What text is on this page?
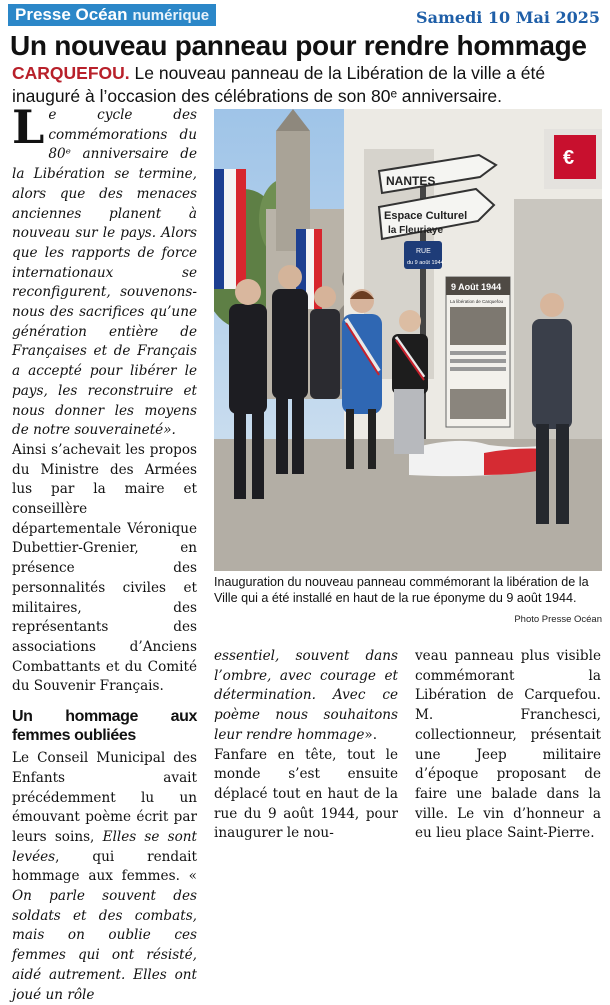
Presse Océan numérique	Samedi 10 Mai 2025
Un nouveau panneau pour rendre hommage
CARQUEFOU. Le nouveau panneau de la Libération de la ville a été inauguré à l’occasion des célébrations de son 80ᵉ anniversaire.

Le cycle des commémorations du 80ᵉ anniversaire de la Libération se termine, alors que des menaces anciennes planent à nouveau sur le pays. Alors que les rapports de force internationaux se reconfigurent, souvenons-nous des sacrifices qu’une génération entière de Françaises et de Français a accepté pour libérer le pays, les reconstruire et nous donner les moyens de notre souveraineté».

Ainsi s’achevait les propos du Ministre des Armées lus par la maire et conseillère départementale Véronique Dubettier-Grenier, en présence des personnalités civiles et militaires, des représentants des associations d’Anciens Combattants et du Comité du Souvenir Français.

Un hommage aux femmes oubliées

Le Conseil Municipal des Enfants avait précédemment lu un émouvant poème écrit par leurs soins, Elles se sont levées, qui rendait hommage aux femmes. « On parle souvent des soldats et des combats, mais on oublie ces femmes qui ont résisté, aidé autrement. Elles ont joué un rôle

€
NANTES
Espace Culturel
la Fleuriaye
RUE
du 9 août 1944
9 Août 1944
La libération de Carquefou
Inauguration du nouveau panneau commémorant la libération de la Ville qui a été installé en haut de la rue éponyme du 9 août 1944.
Photo Presse Océan

essentiel, souvent dans l’ombre, avec courage et détermination. Avec ce poème nous souhaitons leur rendre hommage».

Fanfare en tête, tout le monde s’est ensuite déplacé tout en haut de la rue du 9 août 1944, pour inaugurer le nou-

veau panneau plus visible commémorant la Libération de Carquefou. M. Franchesci, collectionneur, présentait une Jeep militaire d’époque proposant de faire une balade dans la ville. Le vin d’honneur a eu lieu place Saint-Pierre.
